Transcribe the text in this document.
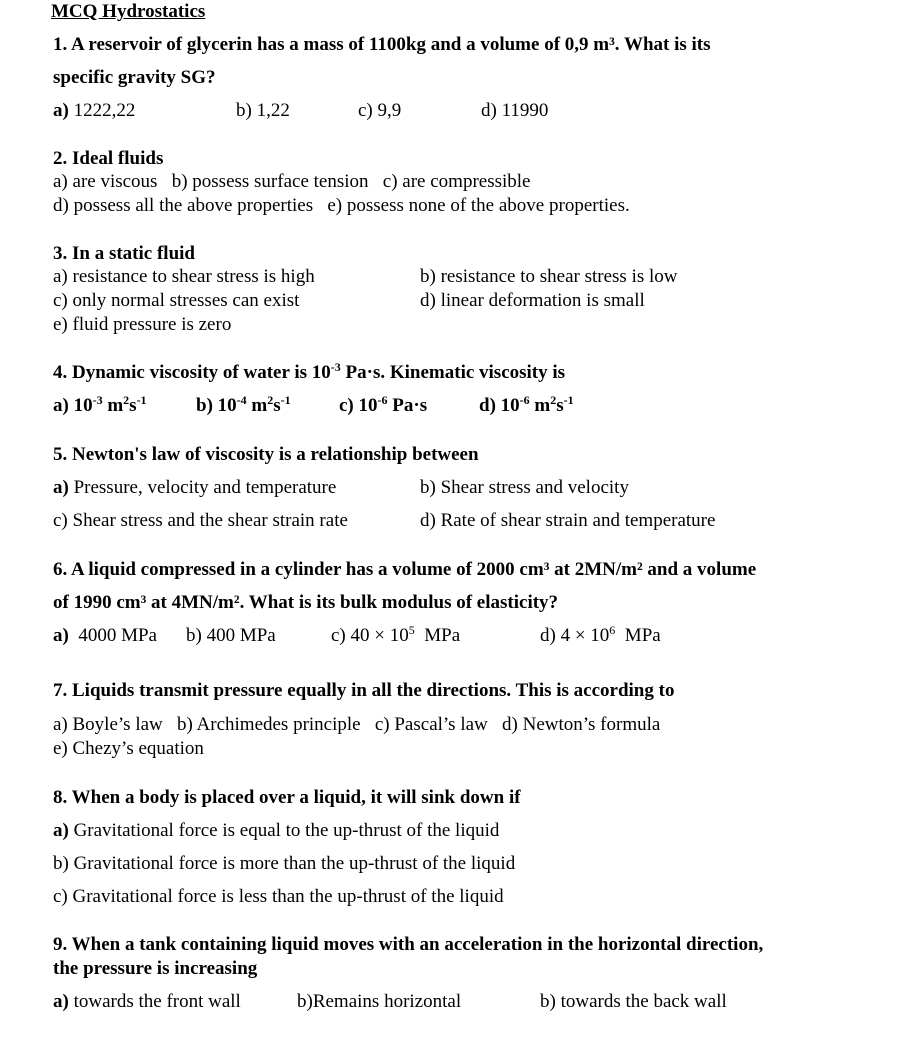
MCQ Hydrostatics
1. A reservoir of glycerin has a mass of 1100kg and a volume of 0,9 m³. What is its
specific gravity SG?
a) 1222,22	b) 1,22	c) 9,9	d) 11990
2. Ideal fluids
a) are viscous   b) possess surface tension   c) are compressible
d) possess all the above properties   e) possess none of the above properties.
3. In a static fluid
a) resistance to shear stress is high	b) resistance to shear stress is low
c) only normal stresses can exist	d) linear deformation is small
e) fluid pressure is zero
4. Dynamic viscosity of water is $10^{-3}$ Pa·s. Kinematic viscosity is
a) $10^{-3}$ $m^2s^{-1}$	b) $10^{-4}$ $m^2s^{-1}$	c) $10^{-6}$ Pa·s	d) $10^{-6}$ $m^2s^{-1}$
5. Newton's law of viscosity is a relationship between
a) Pressure, velocity and temperature	b) Shear stress and velocity
c) Shear stress and the shear strain rate	d) Rate of shear strain and temperature
6. A liquid compressed in a cylinder has a volume of 2000 cm³ at 2MN/m² and a volume
of 1990 cm³ at 4MN/m². What is its bulk modulus of elasticity?
a)  4000 MPa b) 400 MPa	c) $40 \times 10^5$  MPa	d) $4 \times 10^6$  MPa
7. Liquids transmit pressure equally in all the directions. This is according to
a) Boyle’s law   b) Archimedes principle   c) Pascal’s law   d) Newton’s formula
e) Chezy’s equation
8. When a body is placed over a liquid, it will sink down if
a) Gravitational force is equal to the up-thrust of the liquid
b) Gravitational force is more than the up-thrust of the liquid
c) Gravitational force is less than the up-thrust of the liquid
9. When a tank containing liquid moves with an acceleration in the horizontal direction,
the pressure is increasing
a) towards the front wall	b)Remains horizontal	b) towards the back wall
